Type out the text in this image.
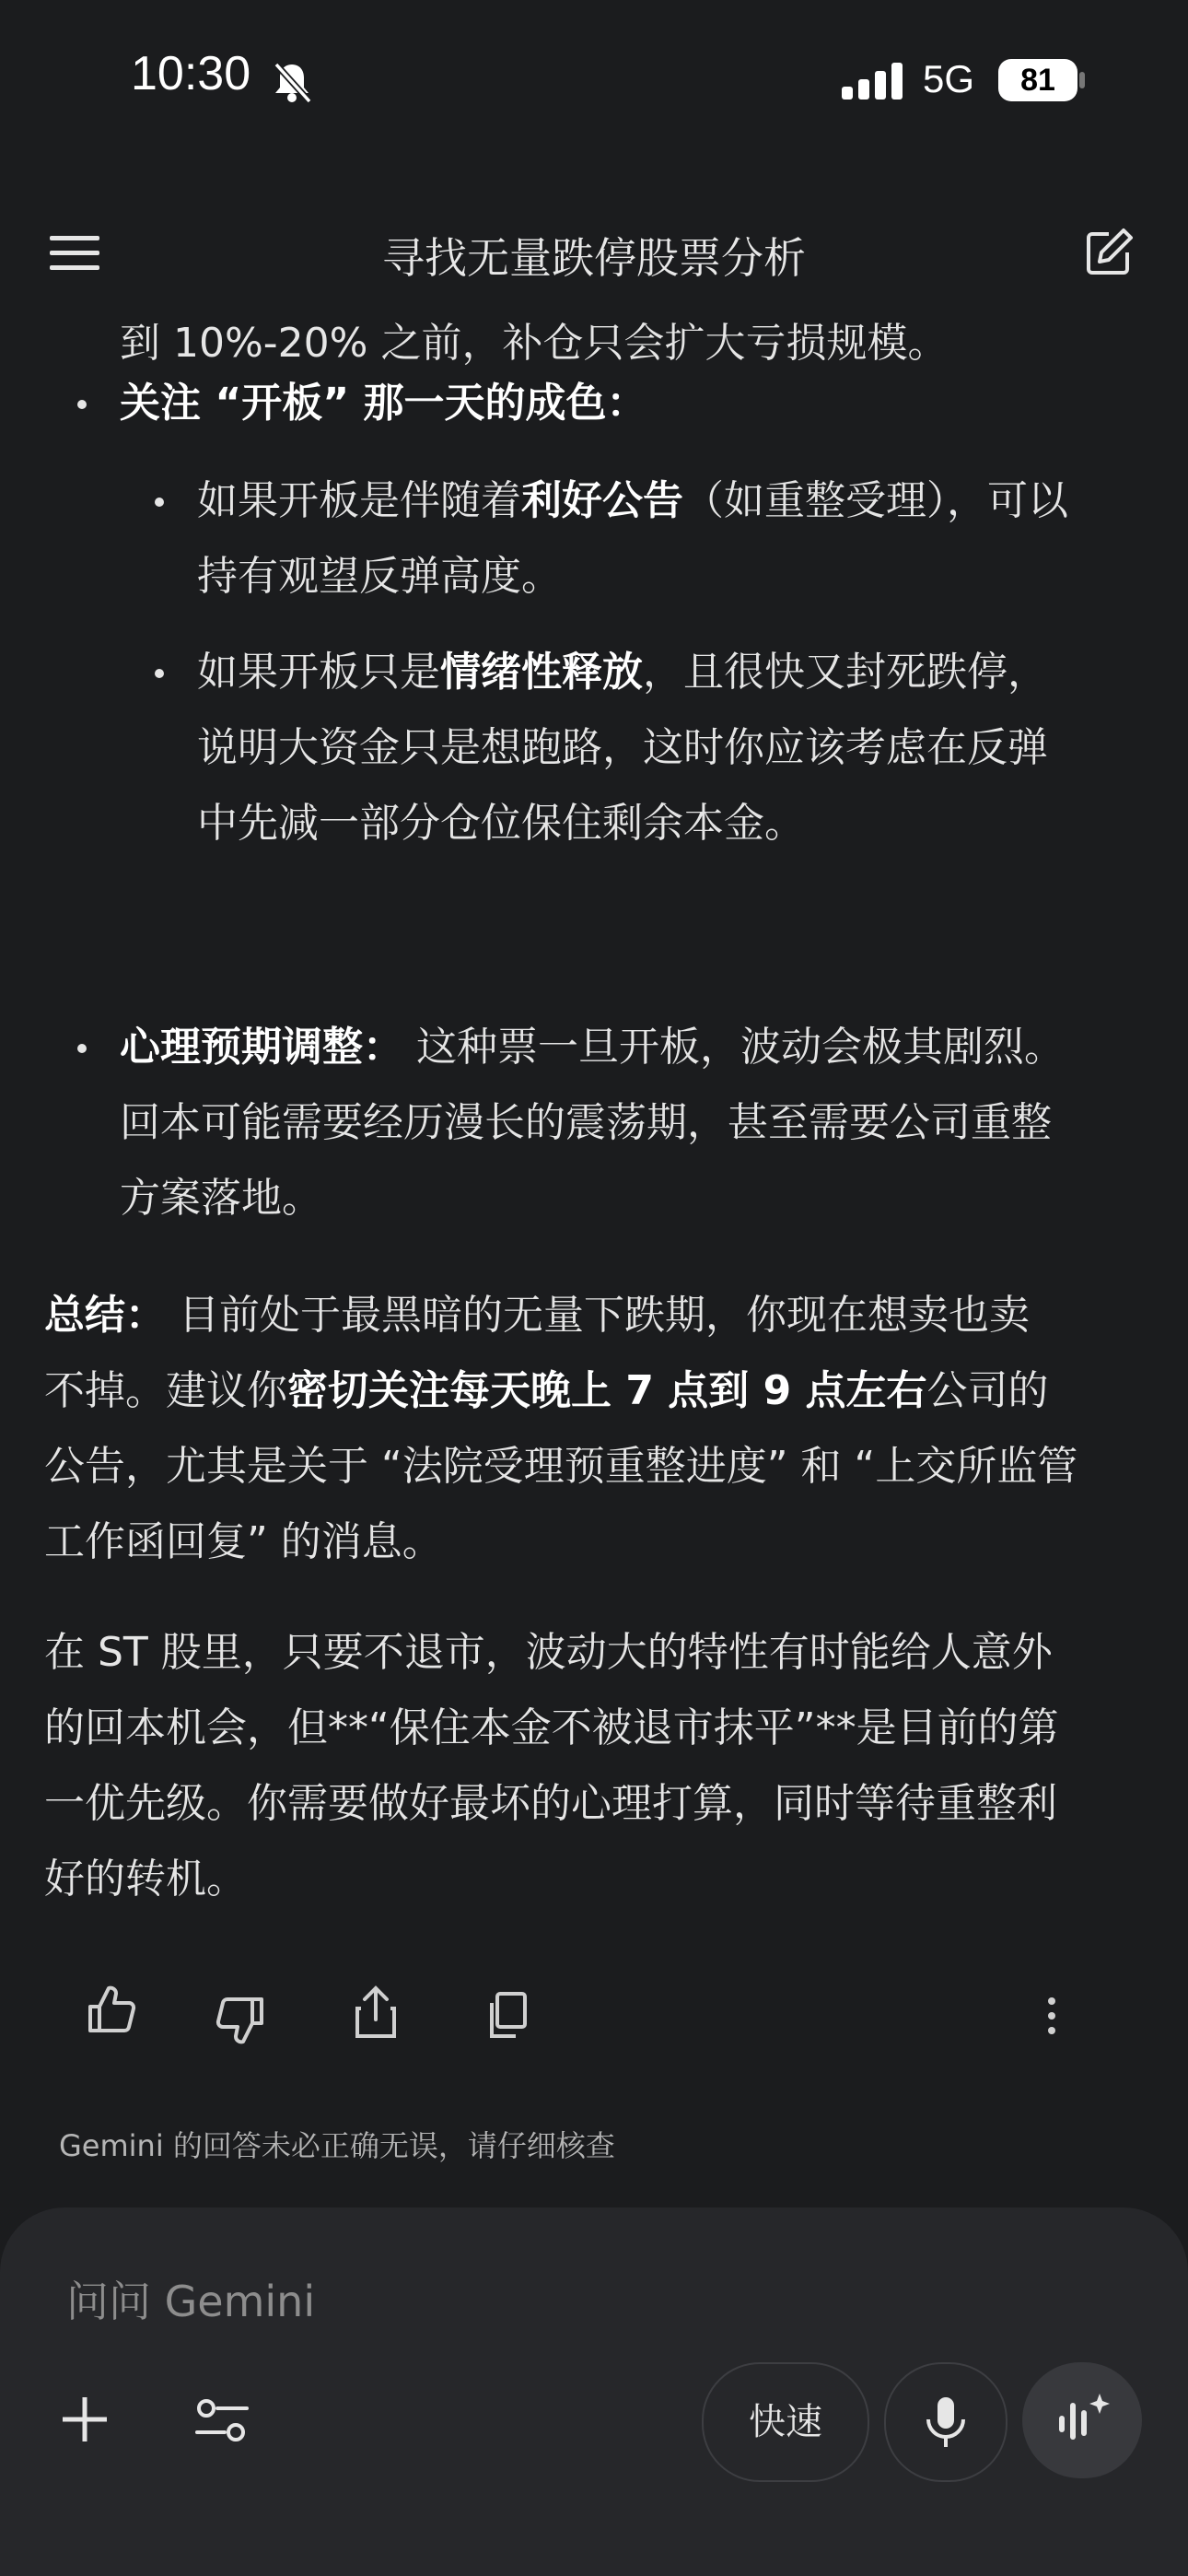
10:30	5G	81
寻找无量跌停股票分析
到 10%-20% 之前，补仓只会扩大亏损规模。
关注 “开板” 那一天的成色：
如果开板是伴随着利好公告（如重整受理），可以
持有观望反弹高度。
如果开板只是情绪性释放，且很快又封死跌停，
说明大资金只是想跑路，这时你应该考虑在反弹
中先减一部分仓位保住剩余本金。
心理预期调整： 这种票一旦开板，波动会极其剧烈。
回本可能需要经历漫长的震荡期，甚至需要公司重整
方案落地。
总结： 目前处于最黑暗的无量下跌期，你现在想卖也卖
不掉。建议你密切关注每天晚上 7 点到 9 点左右公司的
公告，尤其是关于 “法院受理预重整进度” 和 “上交所监管
工作函回复” 的消息。
在 ST 股里，只要不退市，波动大的特性有时能给人意外
的回本机会，但**“保住本金不被退市抹平”**是目前的第
一优先级。你需要做好最坏的心理打算，同时等待重整利
好的转机。
Gemini 的回答未必正确无误，请仔细核查
问问 Gemini
快速
